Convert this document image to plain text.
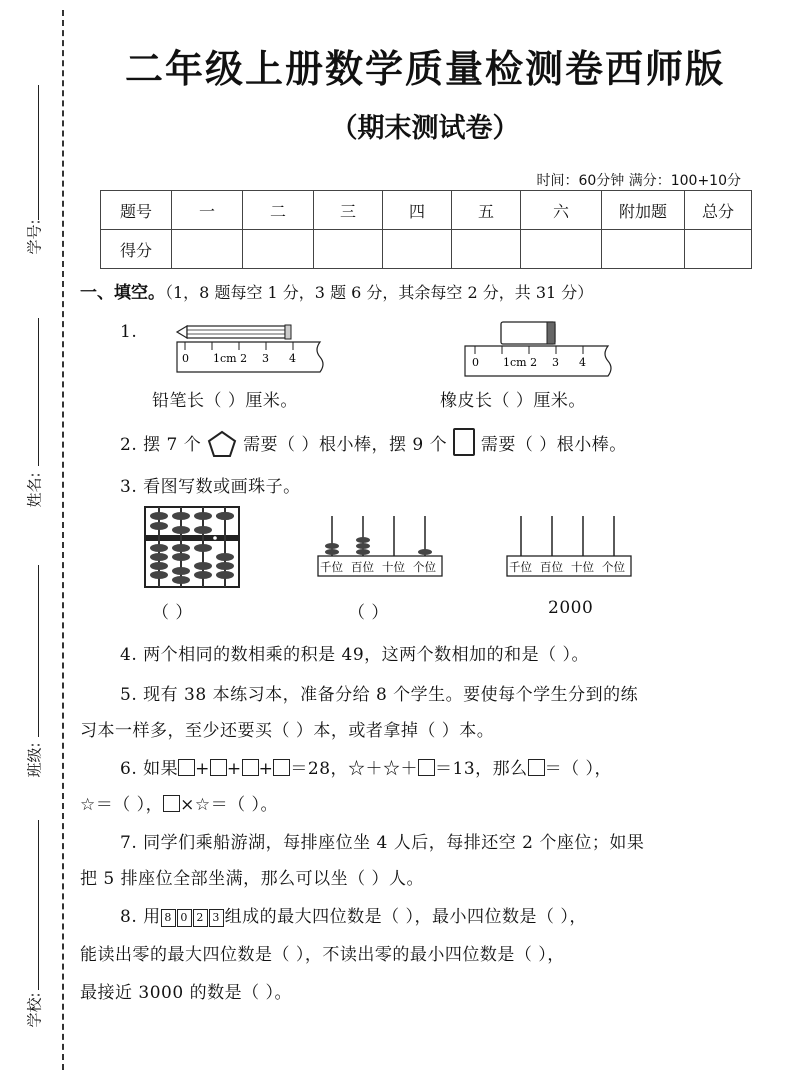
学号:
姓名:
班级:
学校:
二年级上册数学质量检测卷西师版
（期末测试卷）
时间：60分钟 满分：100+10分
题号	一	二	三	四	五	六	附加题	总分
得分								
一、填空。（1，8 题每空 1 分，3 题 6 分，其余每空 2 分，共 31 分）
1.
0 1cm 2 3 4	0 1cm 2 3 4
铅笔长（ ）厘米。	橡皮长（ ）厘米。
2. 摆 7 个 需要（ ）根小棒，摆 9 个 需要（ ）根小棒。
3. 看图写数或画珠子。
千位 百位 十位 个位	千位 百位 十位 个位
（ ）	（ ）	2000
4. 两个相同的数相乘的积是 49，这两个数相加的和是（ ）。
5. 现有 38 本练习本，准备分给 8 个学生。要使每个学生分到的练
习本一样多，至少还要买（ ）本，或者拿掉（ ）本。
6. 如果 + + + ＝28，☆＋☆＋ ＝13，那么 ＝（ ），
☆＝（ ）， ×☆＝（ ）。
7. 同学们乘船游湖，每排座位坐 4 人后，每排还空 2 个座位；如果
把 5 排座位全部坐满，那么可以坐（ ）人。
8. 用 8 0 2 3 组成的最大四位数是（ ），最小四位数是（ ），
能读出零的最大四位数是（ ），不读出零的最小四位数是（ ），
最接近 3000 的数是（ ）。
